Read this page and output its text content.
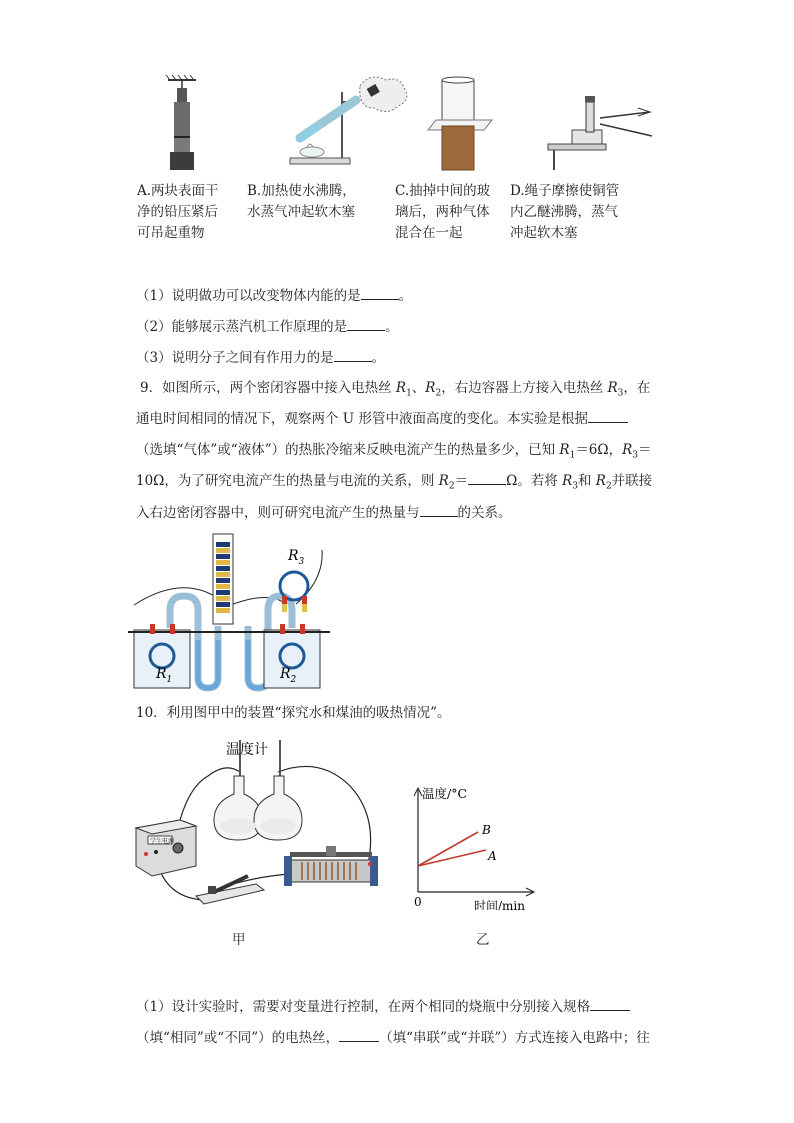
A.两块表面干
净的铅压紧后
可吊起重物
B.加热使水沸腾，
水蒸气冲起软木塞
C.抽掉中间的玻
璃后，两种气体
混合在一起
D.绳子摩擦使铜管
内乙醚沸腾，蒸气
冲起软木塞
（1）说明做功可以改变物体内能的是	。
（2）能够展示蒸汽机工作原理的是	。
（3）说明分子之间有作用力的是	。
9．如图所示，两个密闭容器中接入电热丝 $R_1$、$R_2$，右边容器上方接入电热丝 $R_3$，在
通电时间相同的情况下，观察两个 U 形管中液面高度的变化。本实验是根据
（选填“气体”或“液体”）的热胀冷缩来反映电流产生的热量多少，已知 $R_1=6\Omega$，$R_3=$
10Ω，为了研究电流产生的热量与电流的关系，则 $R_2=$	Ω。若将 $R_3$和 $R_2$并联接
入右边密闭容器中，则可研究电流产生的热量与	的关系。
$R_3$
$R_1$	$R_2$
10．利用图甲中的装置“探究水和煤油的吸热情况”。
温度计
学生电源
温度/°C
B
A
0	时间/min
甲	乙
（1）设计实验时，需要对变量进行控制，在两个相同的烧瓶中分别接入规格
（填“相同”或“不同”）的电热丝，	（填“串联”或“并联”）方式连接入电路中；往
